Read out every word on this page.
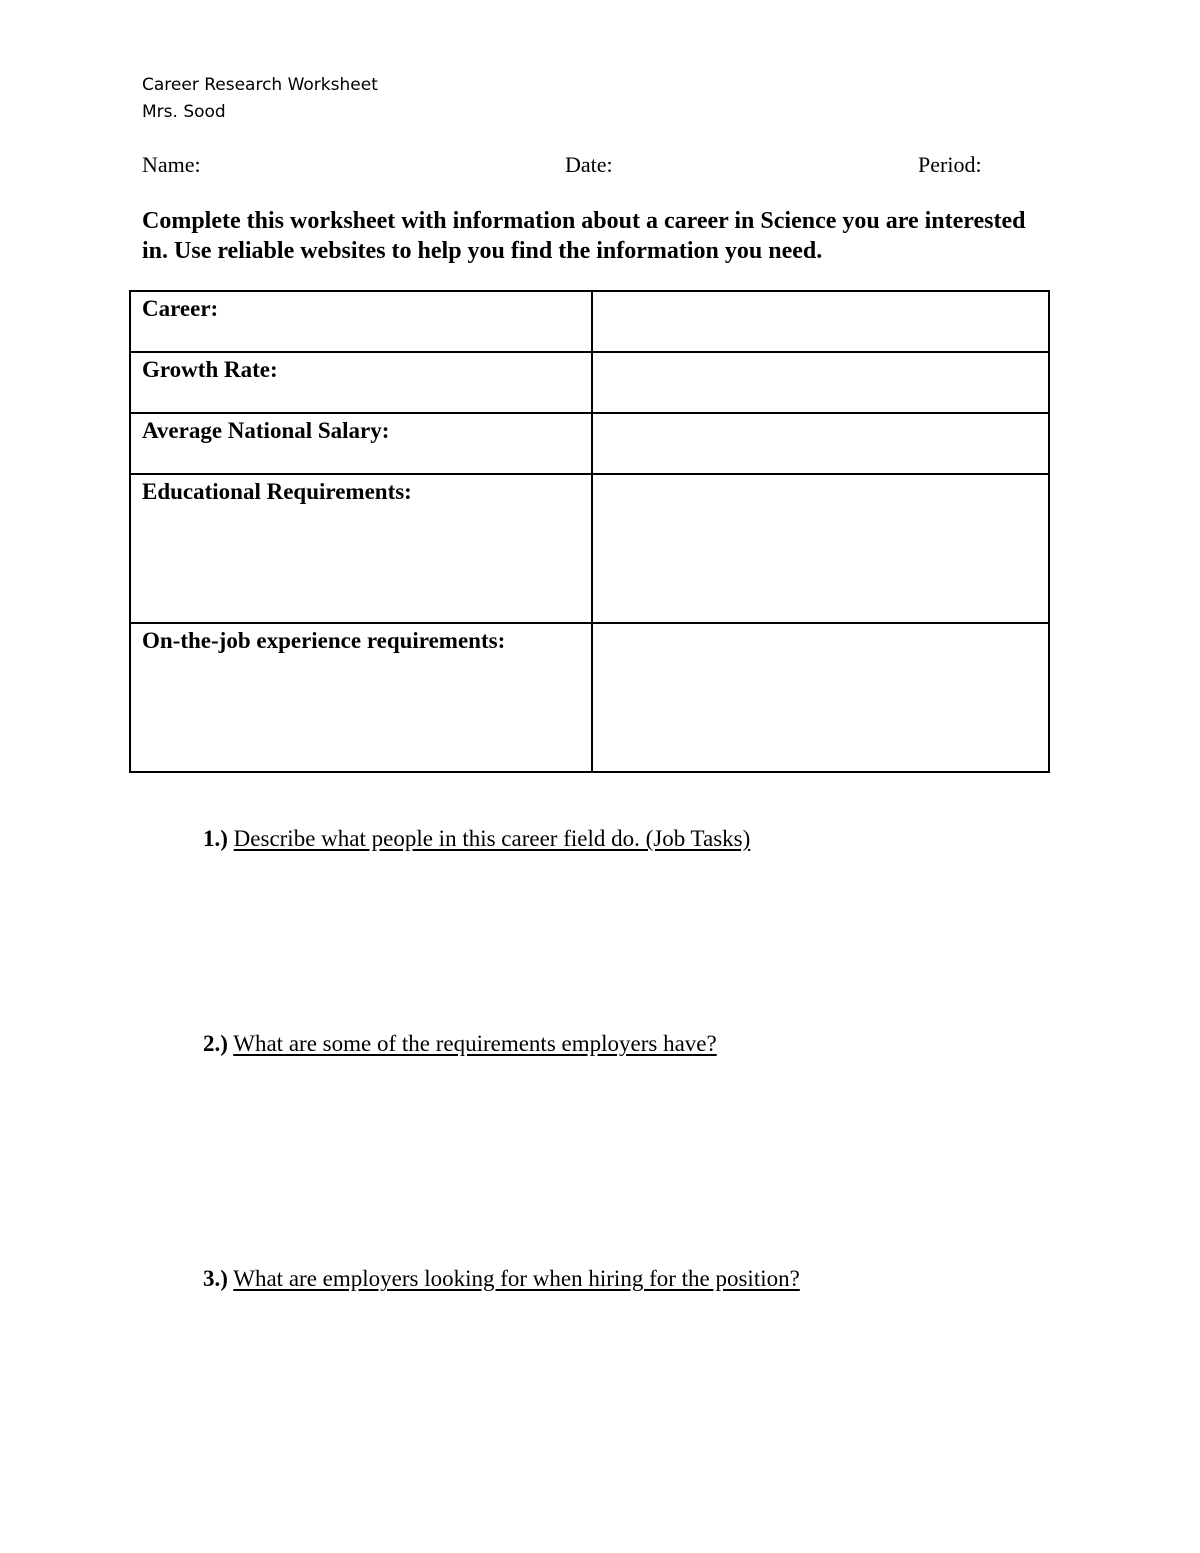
Career Research Worksheet
Mrs. Sood
Name:	Date:	Period:
Complete this worksheet with information about a career in Science you are interested in. Use reliable websites to help you find the information you need.
Career:	
Growth Rate:	
Average National Salary:	
Educational Requirements:	
On-the-job experience requirements:	
1.) Describe what people in this career field do. (Job Tasks)
2.) What are some of the requirements employers have?
3.) What are employers looking for when hiring for the position?
